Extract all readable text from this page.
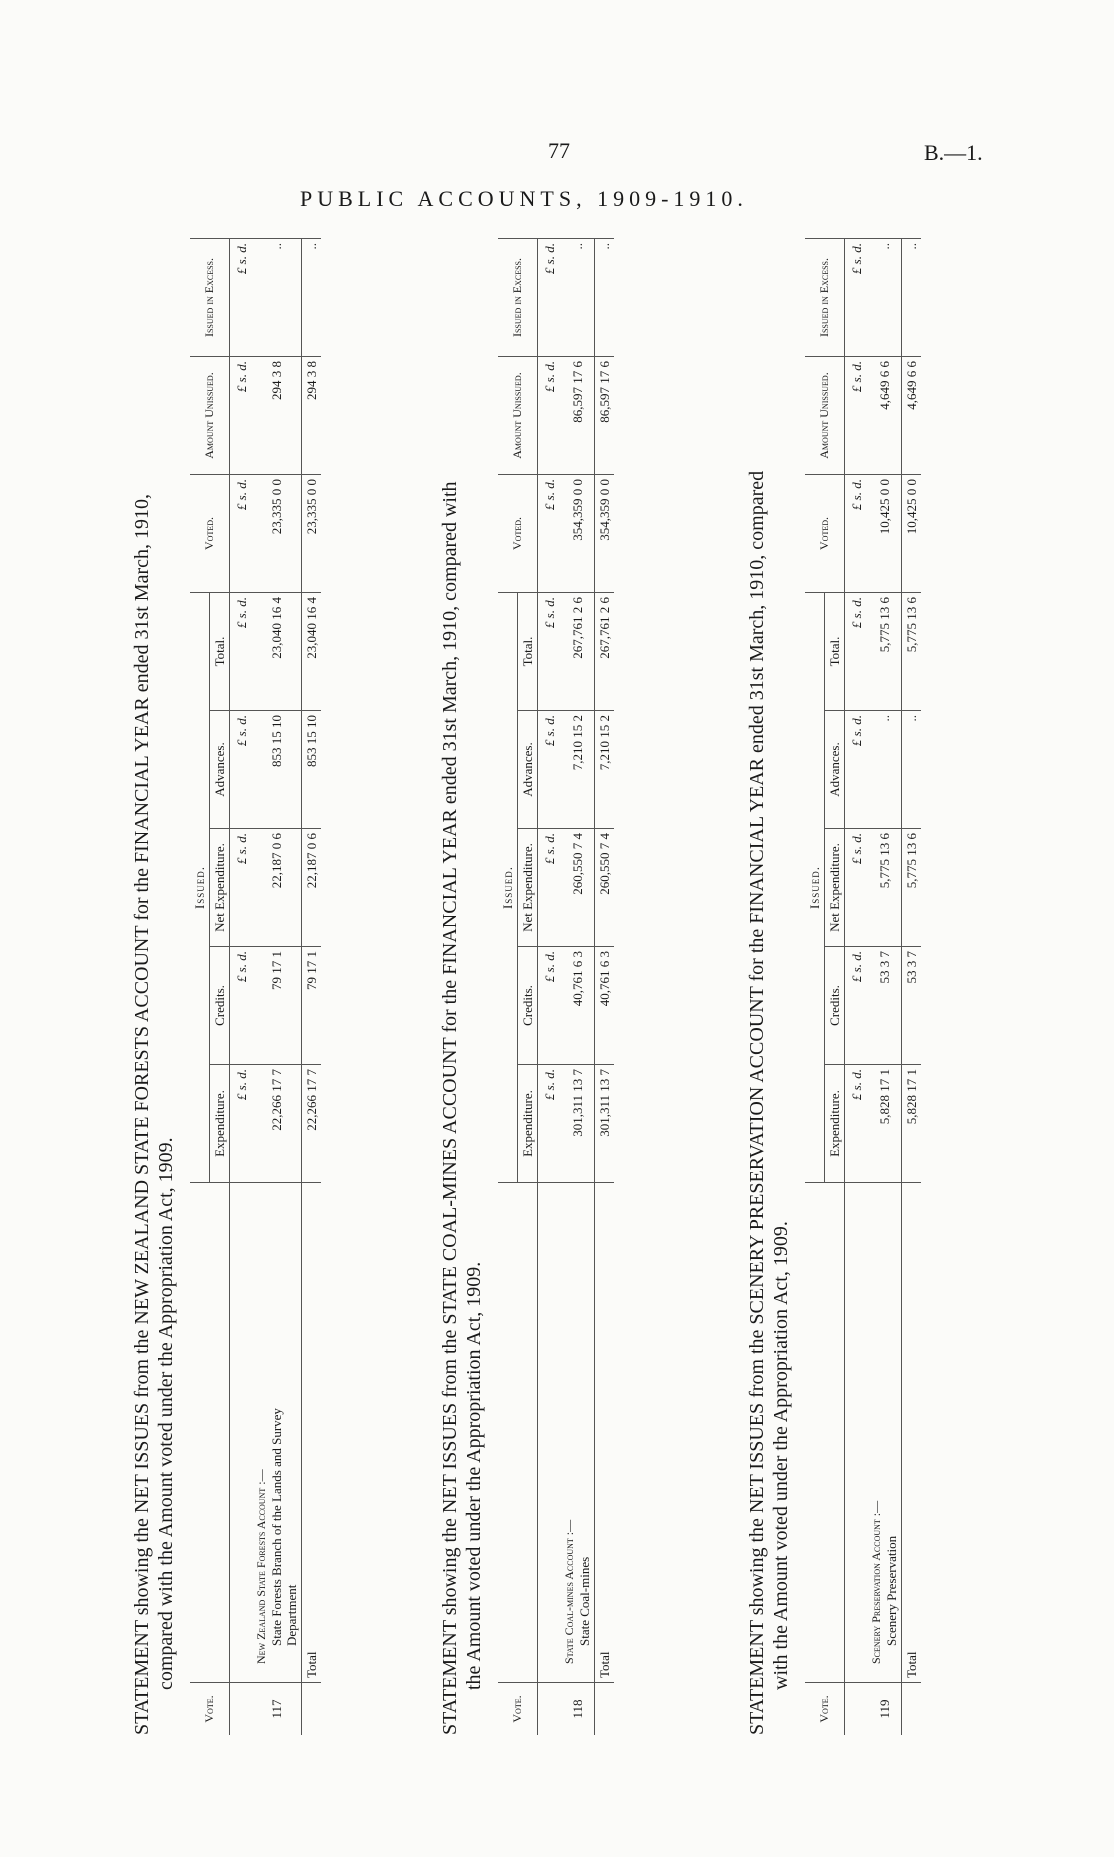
77	B.—1.
PUBLIC ACCOUNTS, 1909-1910.
STATEMENT showing the NET ISSUES from the NEW ZEALAND STATE FORESTS ACCOUNT for the FINANCIAL YEAR ended 31st March, 1910, compared with the Amount voted under the Appropriation Act, 1909.
Vote.		Issued.					Voted.	Amount Unissued.	Issued in Excess.
		Expenditure.	Credits.	Net Expenditure.	Advances.	Total.			
		£ s. d.	£ s. d.	£ s. d.	£ s. d.	£ s. d.	£ s. d.	£ s. d.	£ s. d.
117	New Zealand State Forests Account :— State Forests Branch of the Lands and Survey Department	22,266 17 7	79 17 1	22,187 0 6	853 15 10	23,040 16 4	23,335 0 0	294 3 8	..
	Total	22,266 17 7	79 17 1	22,187 0 6	853 15 10	23,040 16 4	23,335 0 0	294 3 8	..
STATEMENT showing the NET ISSUES from the STATE COAL-MINES ACCOUNT for the FINANCIAL YEAR ended 31st March, 1910, compared with the Amount voted under the Appropriation Act, 1909.
Vote.		Issued.					Voted.	Amount Unissued.	Issued in Excess.
		Expenditure.	Credits.	Net Expenditure.	Advances.	Total.			
		£ s. d.	£ s. d.	£ s. d.	£ s. d.	£ s. d.	£ s. d.	£ s. d.	£ s. d.
118	State Coal-mines Account :— State Coal-mines	301,311 13 7	40,761 6 3	260,550 7 4	7,210 15 2	267,761 2 6	354,359 0 0	86,597 17 6	..
	Total	301,311 13 7	40,761 6 3	260,550 7 4	7,210 15 2	267,761 2 6	354,359 0 0	86,597 17 6	..
STATEMENT showing the NET ISSUES from the SCENERY PRESERVATION ACCOUNT for the FINANCIAL YEAR ended 31st March, 1910, compared with the Amount voted under the Appropriation Act, 1909.
Vote.		Issued.					Voted.	Amount Unissued.	Issued in Excess.
		Expenditure.	Credits.	Net Expenditure.	Advances.	Total.			
		£ s. d.	£ s. d.	£ s. d.	£ s. d.	£ s. d.	£ s. d.	£ s. d.	£ s. d.
119	Scenery Preservation Account :— Scenery Preservation	5,828 17 1	53 3 7	5,775 13 6	..	5,775 13 6	10,425 0 0	4,649 6 6	..
	Total	5,828 17 1	53 3 7	5,775 13 6	..	5,775 13 6	10,425 0 0	4,649 6 6	..
